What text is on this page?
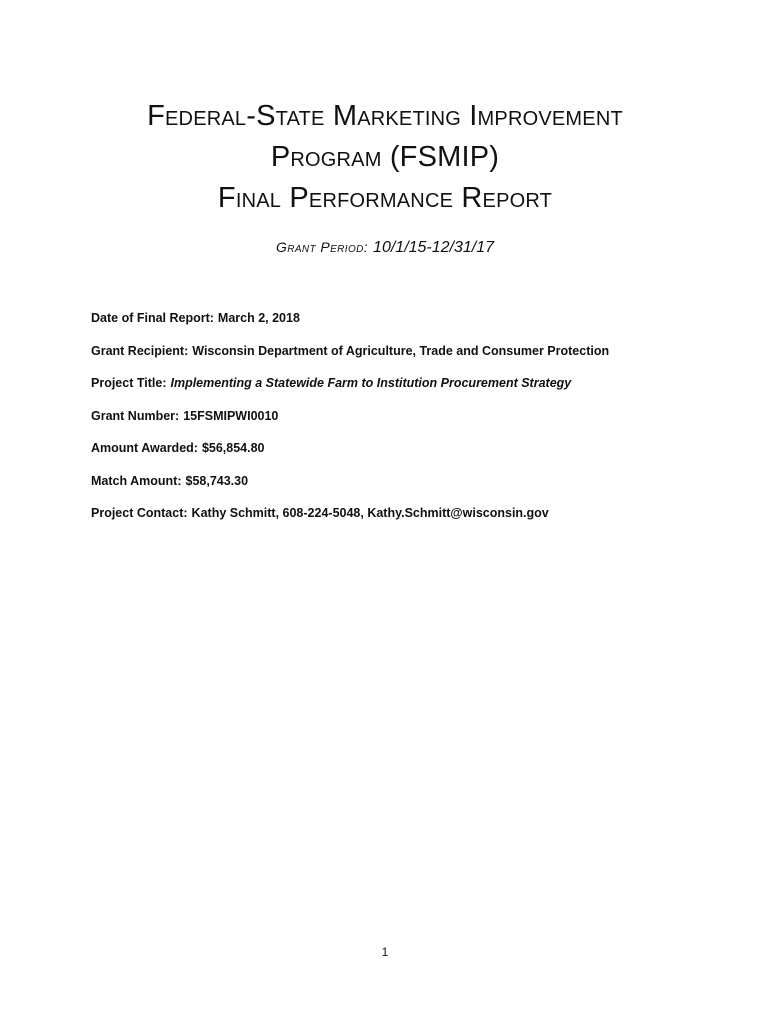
Federal-State Marketing Improvement
Program (FSMIP)
Final Performance Report
Grant Period: 10/1/15-12/31/17
Date of Final Report: March 2, 2018
Grant Recipient: Wisconsin Department of Agriculture, Trade and Consumer Protection
Project Title: Implementing a Statewide Farm to Institution Procurement Strategy
Grant Number: 15FSMIPWI0010
Amount Awarded: $56,854.80
Match Amount: $58,743.30
Project Contact: Kathy Schmitt, 608-224-5048, Kathy.Schmitt@wisconsin.gov
1
